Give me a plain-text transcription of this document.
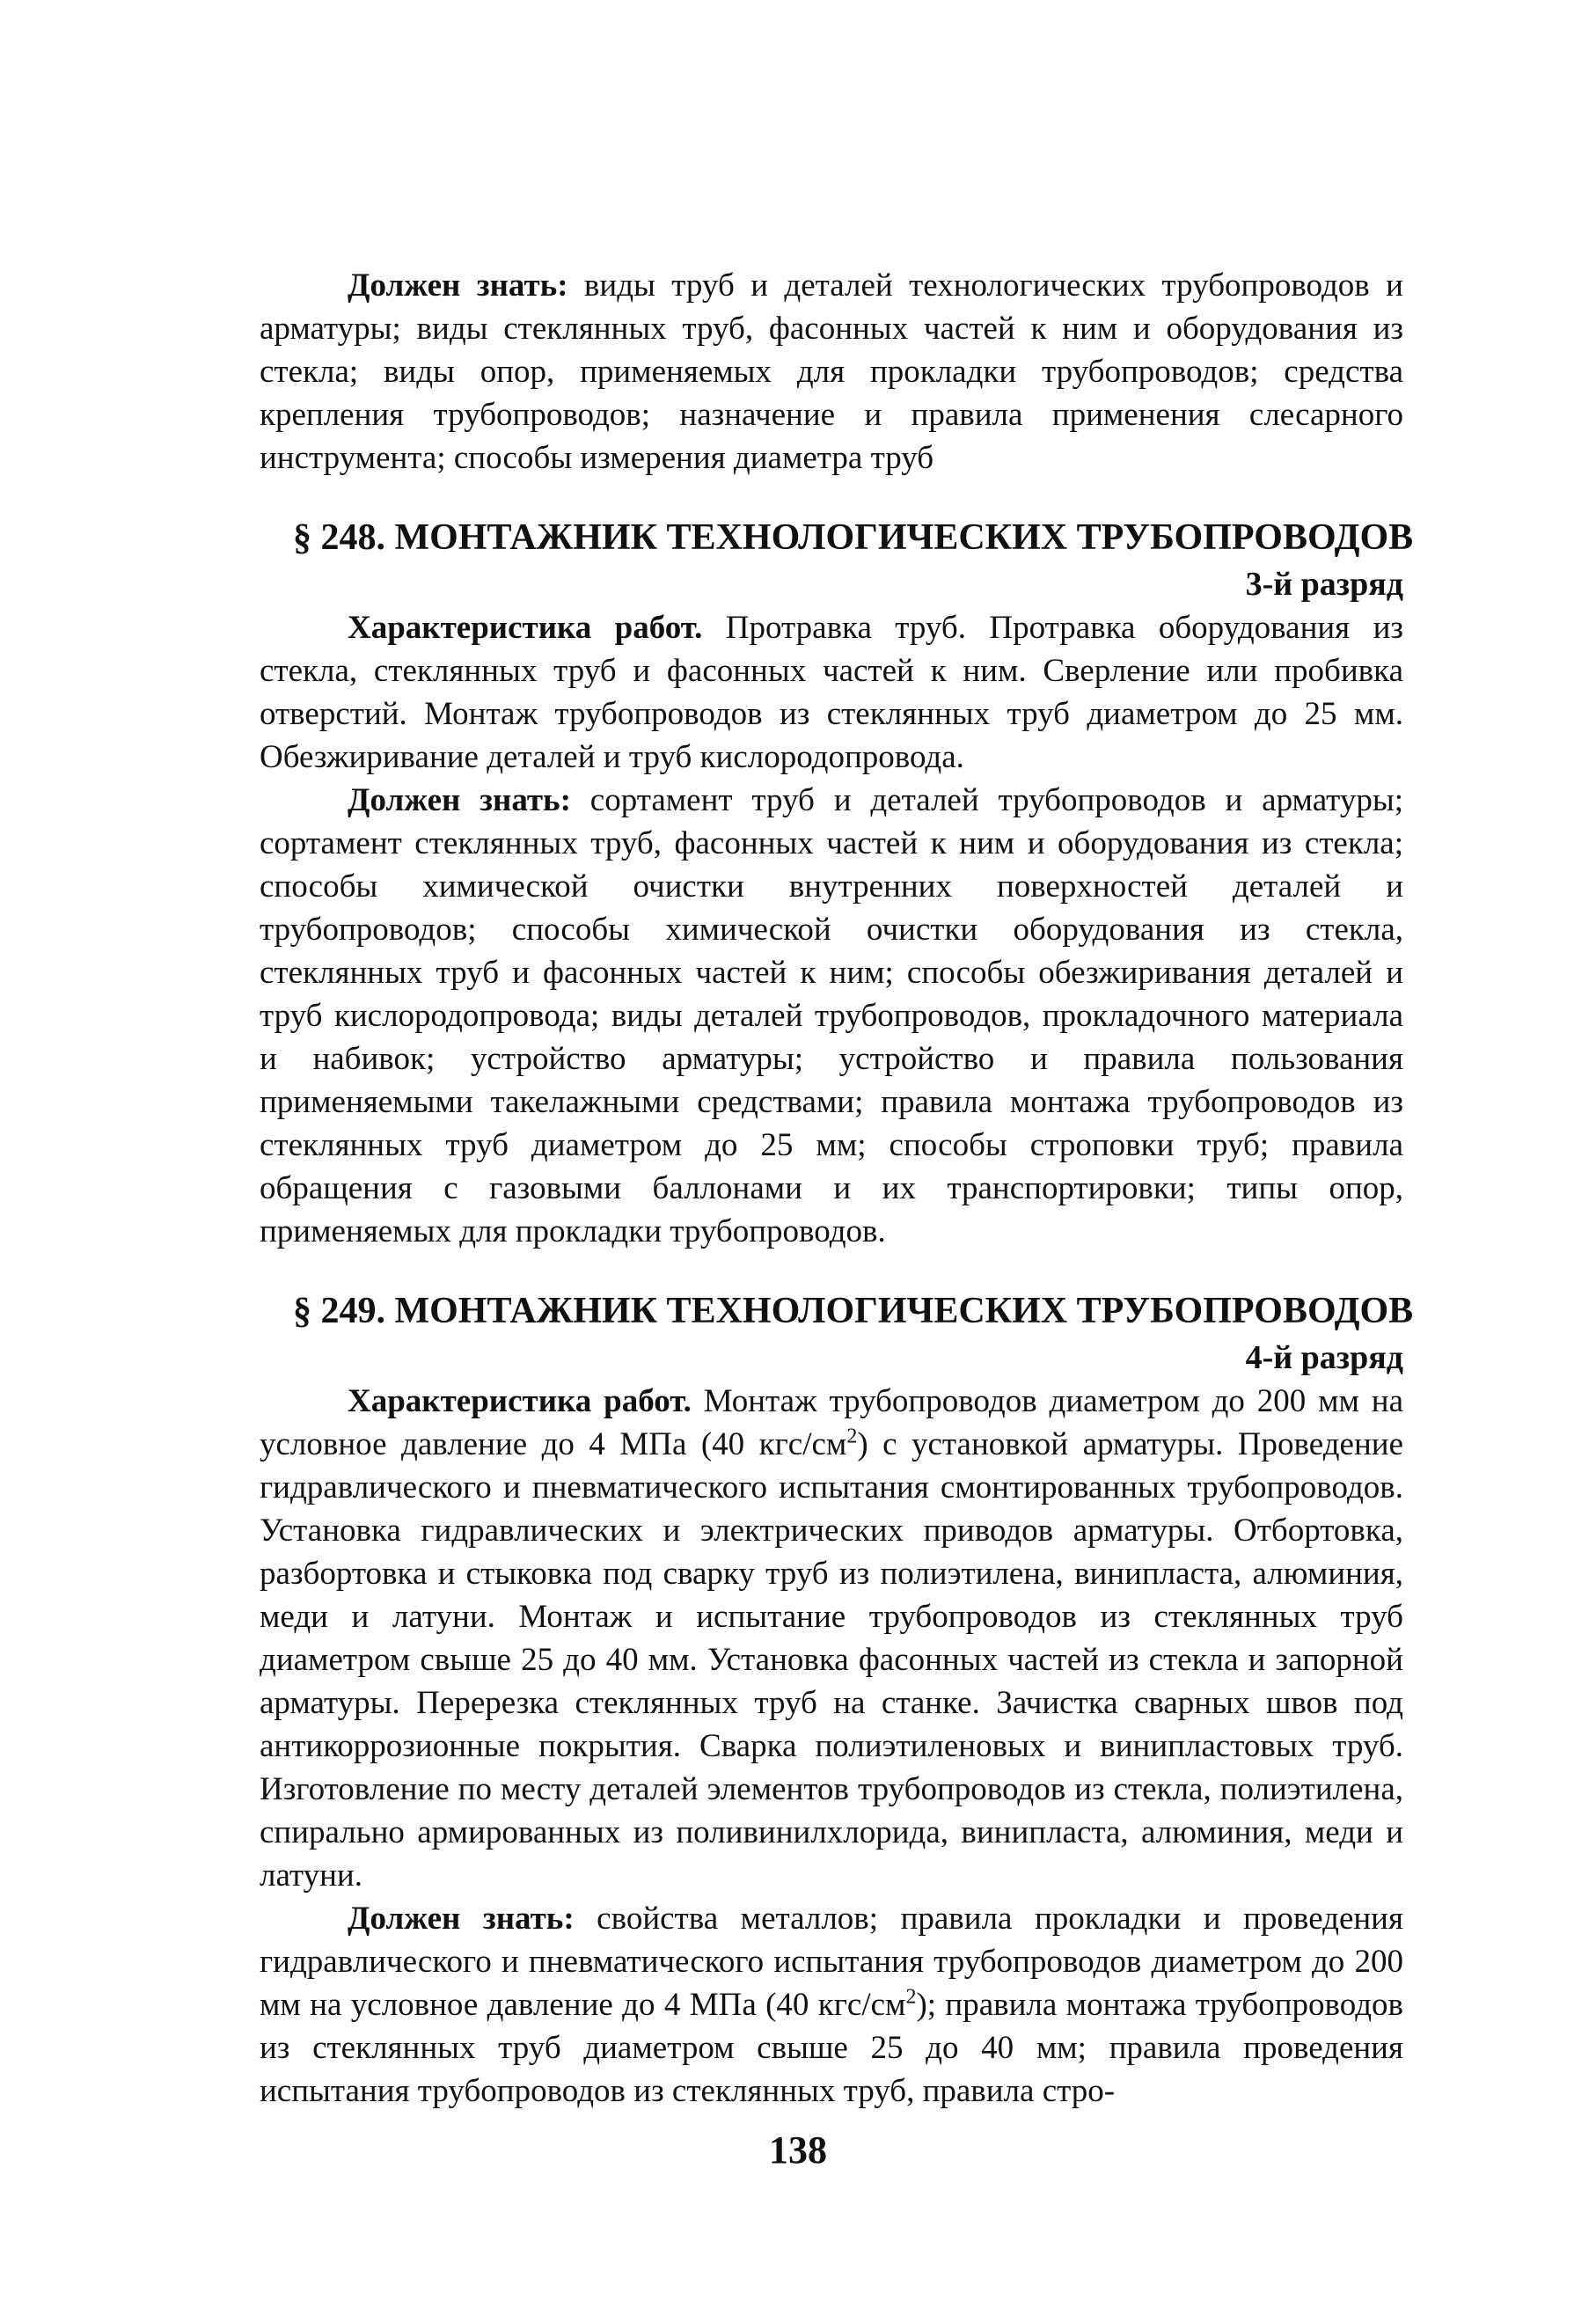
Должен знать: виды труб и деталей технологических трубопроводов и арматуры; виды стеклянных труб, фасонных частей к ним и оборудования из стекла; виды опор, применяемых для прокладки трубопроводов; средства крепления трубопроводов; назначение и правила применения слесарного инструмента; способы измерения диаметра труб

§ 248. МОНТАЖНИК ТЕХНОЛОГИЧЕСКИХ ТРУБОПРОВОДОВ
3-й разряд

Характеристика работ. Протравка труб. Протравка оборудования из стекла, стеклянных труб и фасонных частей к ним. Сверление или пробивка отверстий. Монтаж трубопроводов из стеклянных труб диаметром до 25 мм. Обезжиривание деталей и труб кислородопровода.

Должен знать: сортамент труб и деталей трубопроводов и арматуры; сортамент стеклянных труб, фасонных частей к ним и оборудования из стекла; способы химической очистки внутренних поверхностей деталей и трубопроводов; способы химической очистки оборудования из стекла, стеклянных труб и фасонных частей к ним; способы обезжиривания деталей и труб кислородопровода; виды деталей трубопроводов, прокладочного материала и набивок; устройство арматуры; устройство и правила пользования применяемыми такелажными средствами; правила монтажа трубопроводов из стеклянных труб диаметром до 25 мм; способы строповки труб; правила обращения с газовыми баллонами и их транспортировки; типы опор, применяемых для прокладки трубопроводов.

§ 249. МОНТАЖНИК ТЕХНОЛОГИЧЕСКИХ ТРУБОПРОВОДОВ
4-й разряд

Характеристика работ. Монтаж трубопроводов диаметром до 200 мм на условное давление до 4 МПа (40 кгс/$см^2$) с установкой арматуры. Проведение гидравлического и пневматического испытания смонтированных трубопроводов. Установка гидравлических и электрических приводов арматуры. Отбортовка, разбортовка и стыковка под сварку труб из полиэтилена, винипласта, алюминия, меди и латуни. Монтаж и испытание трубопроводов из стеклянных труб диаметром свыше 25 до 40 мм. Установка фасонных частей из стекла и запорной арматуры. Перерезка стеклянных труб на станке. Зачистка сварных швов под антикоррозионные покрытия. Сварка полиэтиленовых и винипластовых труб. Изготовление по месту деталей элементов трубопроводов из стекла, полиэтилена, спирально армированных из поливинилхлорида, винипласта, алюминия, меди и латуни.

Должен знать: свойства металлов; правила прокладки и проведения гидравлического и пневматического испытания трубопроводов диаметром до 200 мм на условное давление до 4 МПа (40 кгс/$см^2$); правила монтажа трубопроводов из стеклянных труб диаметром свыше 25 до 40 мм; правила проведения испытания трубопроводов из стеклянных труб, правила стро-

138
